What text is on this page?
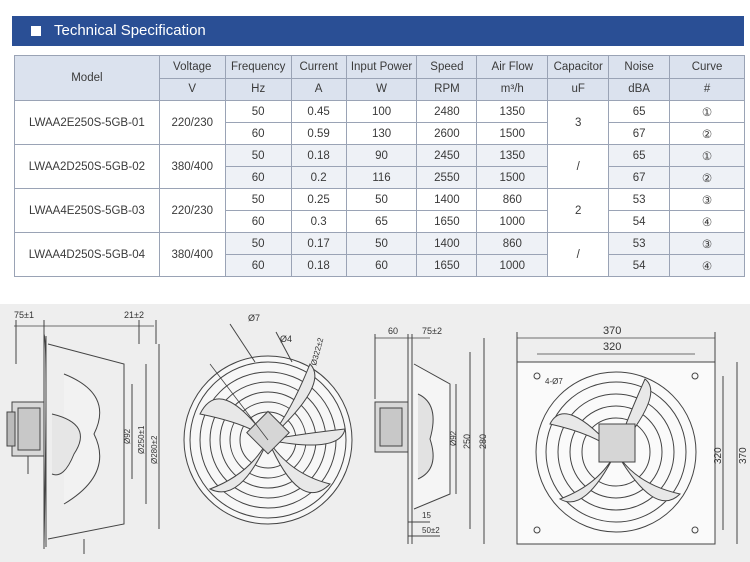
Technical Specification
Model	Voltage	Frequency	Current	Input Power	Speed	Air Flow	Capacitor	Noise	Curve
	V	Hz	A	W	RPM	m³/h	uF	dBA	#
LWAA2E250S-5GB-01	220/230	50	0.45	100	2480	1350	3	65	①
		60	0.59	130	2600	1500		67	②
LWAA2D250S-5GB-02	380/400	50	0.18	90	2450	1350	/	65	①
		60	0.2	116	2550	1500		67	②
LWAA4E250S-5GB-03	220/230	50	0.25	50	1400	860	2	53	③
		60	0.3	65	1650	1000		54	④
LWAA4D250S-5GB-04	380/400	50	0.17	50	1400	860	/	53	③
		60	0.18	60	1650	1000		54	④
75±1	21±2
Ø92 Ø250±1 Ø280±2
Ø7
Ø4 Ø322±2
60	75±2
Ø92 250 280
15
50±2
370
320
4-Ø7
320 370
